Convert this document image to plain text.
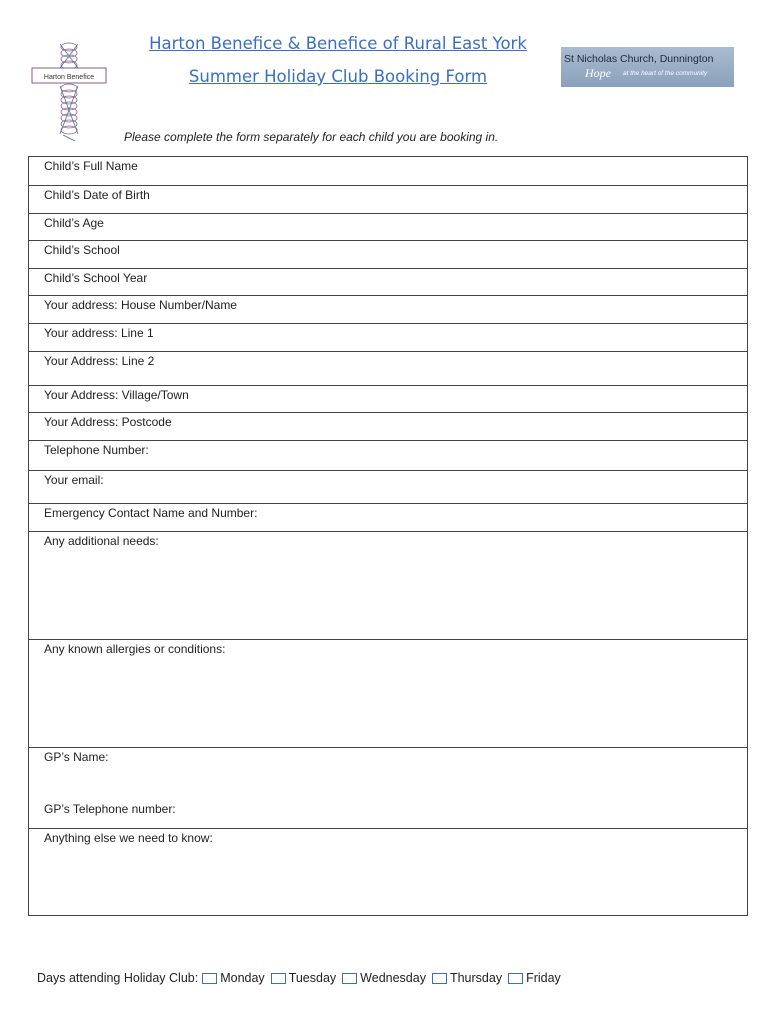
Harton Benefice
Harton Benefice & Benefice of Rural East York
Summer Holiday Club Booking Form
St Nicholas Church, Dunnington
Hope at the heart of the community
Please complete the form separately for each child you are booking in.
Child’s Full Name
Child’s Date of Birth
Child’s Age
Child’s School
Child’s School Year
Your address: House Number/Name
Your address: Line 1
Your Address: Line 2
Your Address: Village/Town
Your Address: Postcode
Telephone Number:
Your email:
Emergency Contact Name and Number:
Any additional needs:
Any known allergies or conditions:
GP’s Name:
GP’s Telephone number:
Anything else we need to know:
Days attending Holiday Club: Monday Tuesday Wednesday Thursday Friday
